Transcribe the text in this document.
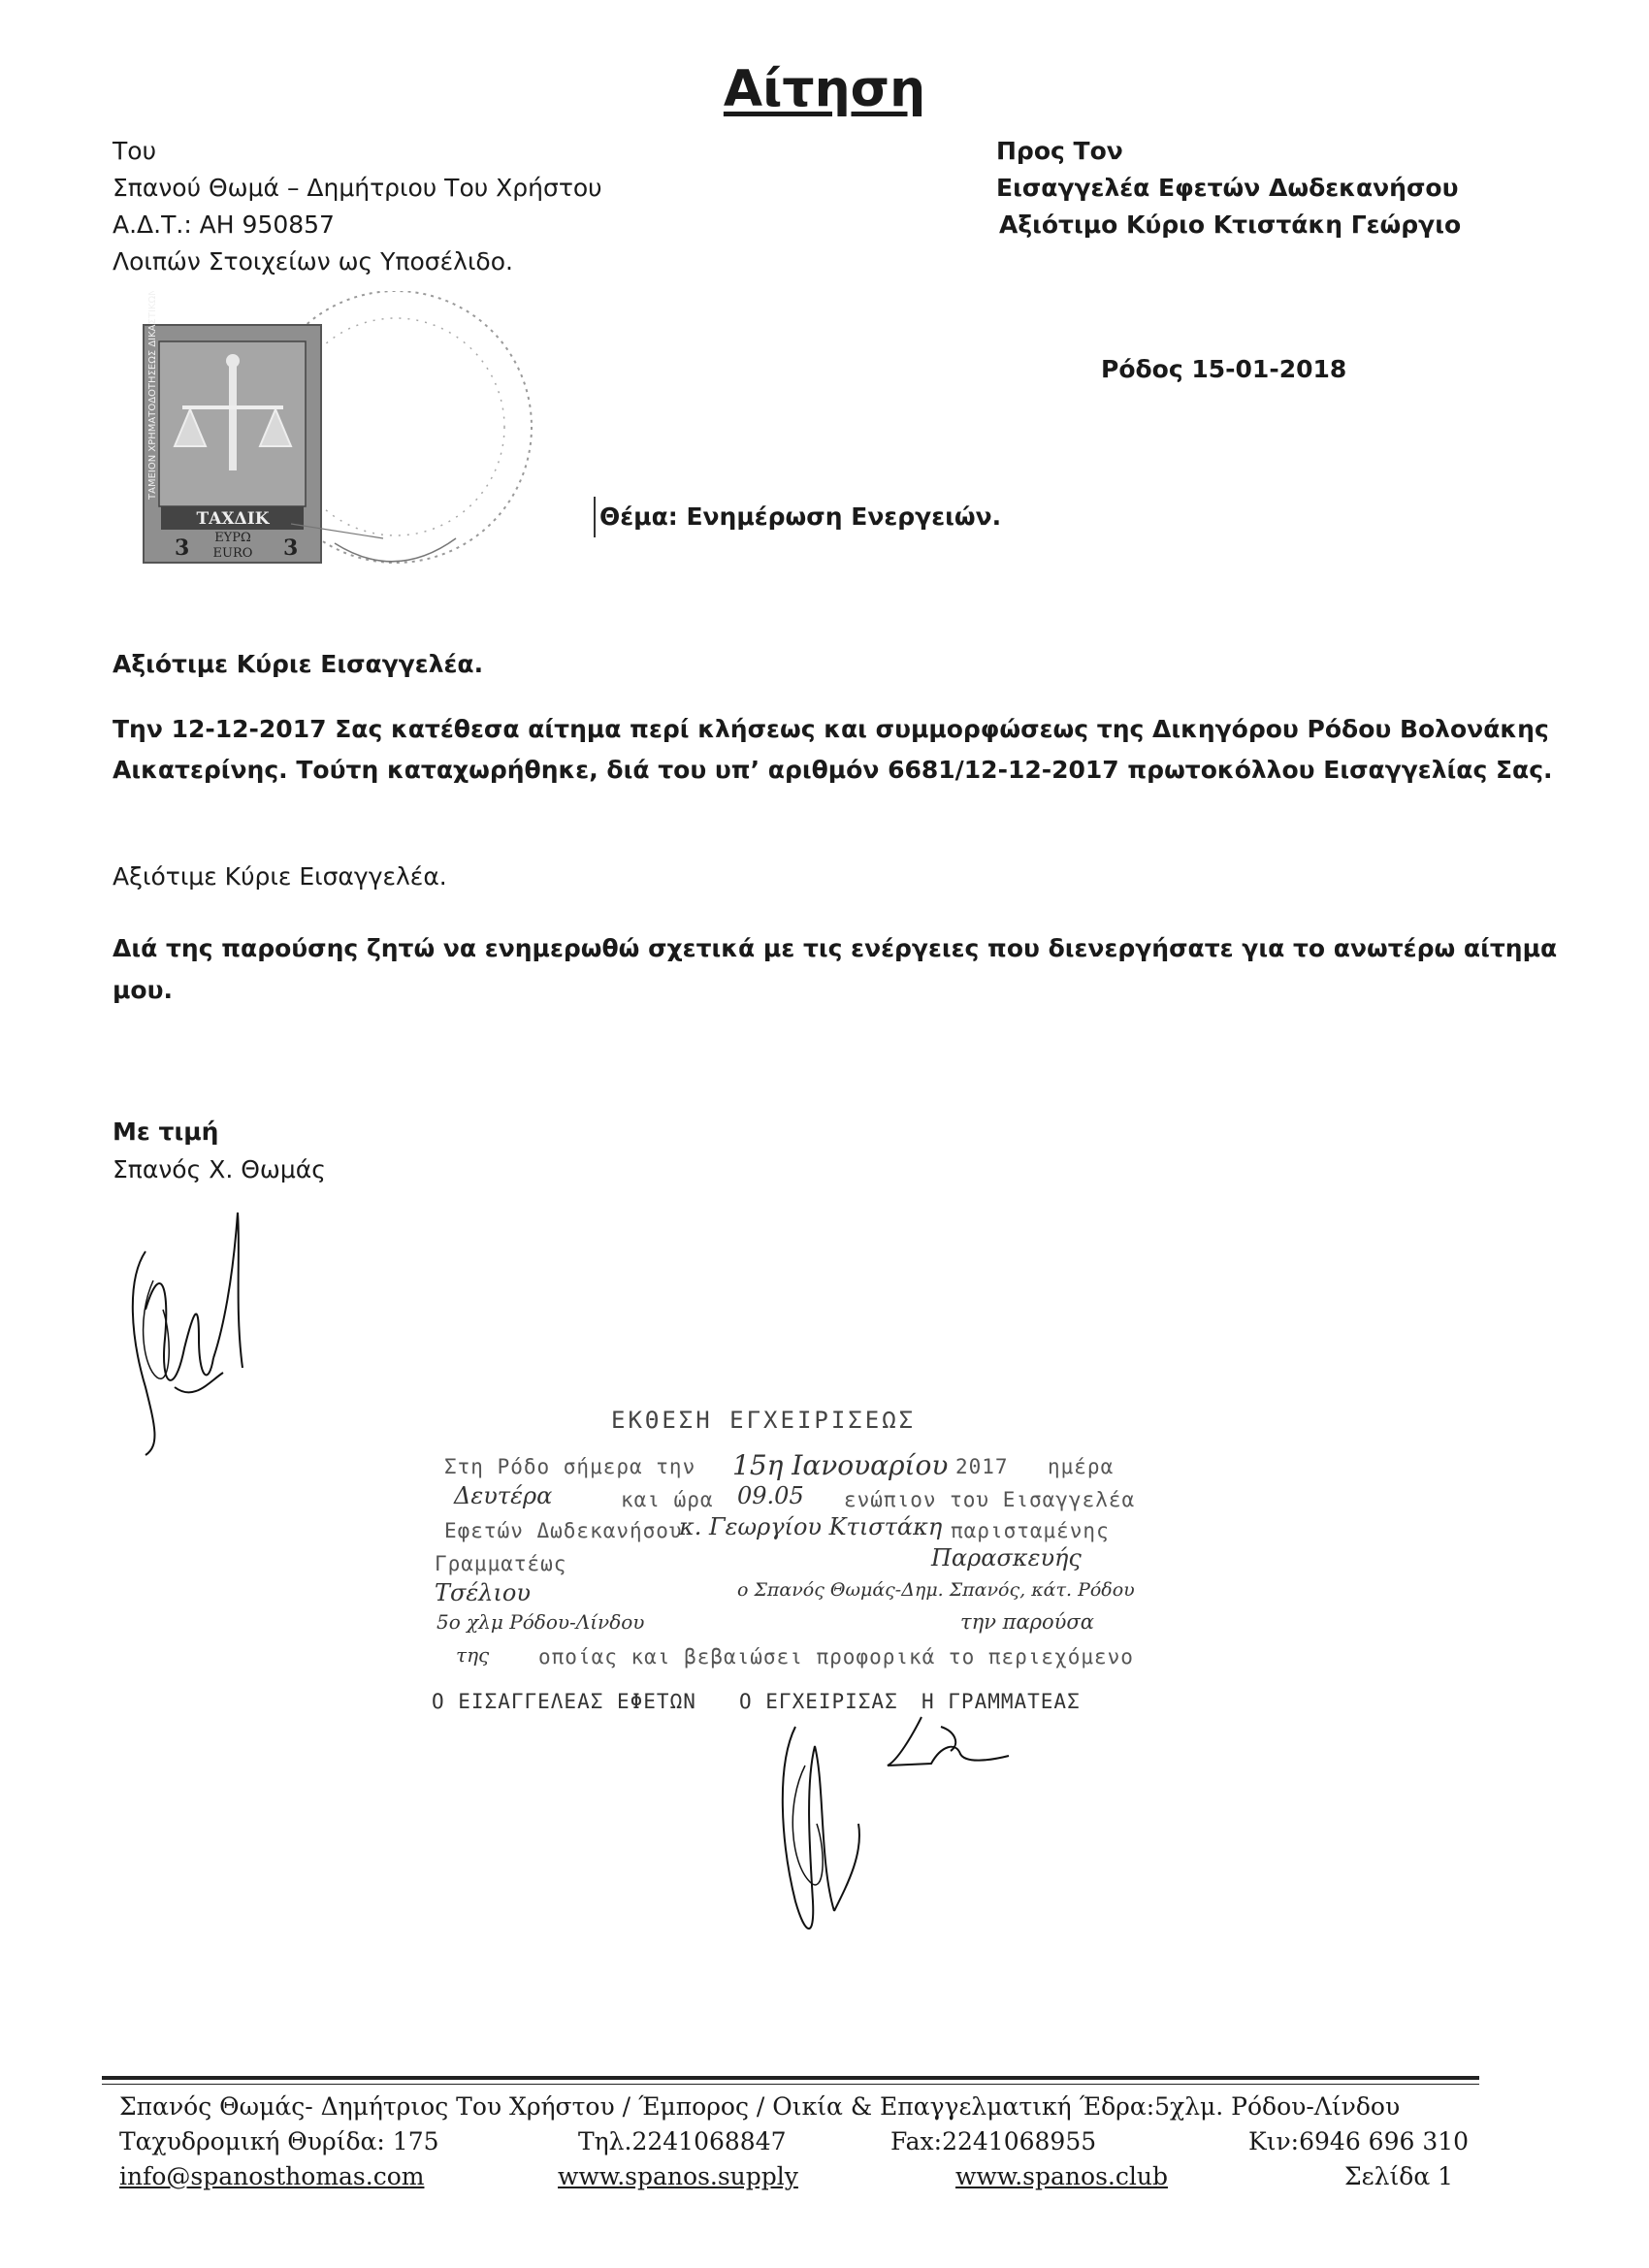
Αίτηση
Του
Σπανού Θωμά – Δημήτριου Του Χρήστου
Α.Δ.Τ.: ΑΗ 950857
Λοιπών Στοιχείων ως Υποσέλιδο.
Προς Τον
Εισαγγελέα Εφετών Δωδεκανήσου
Αξιότιμο Κύριο Κτιστάκη Γεώργιο
Ρόδος 15-01-2018
ΤΑΧΔΙΚ
ΤΑΜΕΙΟΝ ΧΡΗΜΑΤΟΔΟΤΗΣΕΩΣ ΔΙΚΑΣΤΙΚΩΝ ΚΤΗΡΙΩΝ
3	3
ΕΥΡΩ
EURO
Θέμα: Ενημέρωση Ενεργειών.
Αξιότιμε Κύριε Εισαγγελέα.
Την 12-12-2017 Σας κατέθεσα αίτημα περί κλήσεως και συμμορφώσεως της Δικηγόρου Ρόδου Βολονάκης
Αικατερίνης. Τούτη καταχωρήθηκε, διά του υπ’ αριθμόν 6681/12-12-2017 πρωτοκόλλου Εισαγγελίας Σας.
Αξιότιμε Κύριε Εισαγγελέα.
Διά της παρούσης ζητώ να ενημερωθώ σχετικά με τις ενέργειες που διενεργήσατε για το ανωτέρω αίτημα
μου.
Με τιμή
Σπανός Χ. Θωμάς
ΕΚΘΕΣΗ ΕΓΧΕΙΡΙΣΕΩΣ
Στη Ρόδο σήμερα την 15η Ιανουαρίου 2017 ημέρα
Δευτέρα	και ώρα 09.05 ενώπιον του Εισαγγελέα
Εφετών Δωδεκανήσου
κ. Γεωργίου Κτιστάκη παρισταμένης
Γραμματέως	Παρασκευής
Τσέλιου	ο Σπανός Θωμάς-Δημ. Σπανός, κάτ. Ρόδου
5ο χλμ Ρόδου-Λίνδου	την παρούσα
της οποίας και βεβαιώσει προφορικά το περιεχόμενο
Ο ΕΙΣΑΓΓΕΛΕΑΣ ΕΦΕΤΩΝ Ο ΕΓΧΕΙΡΙΣΑΣ Η ΓΡΑΜΜΑΤΕΑΣ
Σπανός Θωμάς- Δημήτριος Του Χρήστου / Έμπορος / Οικία & Επαγγελματική Έδρα:5χλμ. Ρόδου-Λίνδου
Ταχυδρομική Θυρίδα: 175	Τηλ.2241068847	Fax:2241068955	Κιν:6946 696 310
info@spanosthomas.com	www.spanos.supply	www.spanos.club	Σελίδα 1
